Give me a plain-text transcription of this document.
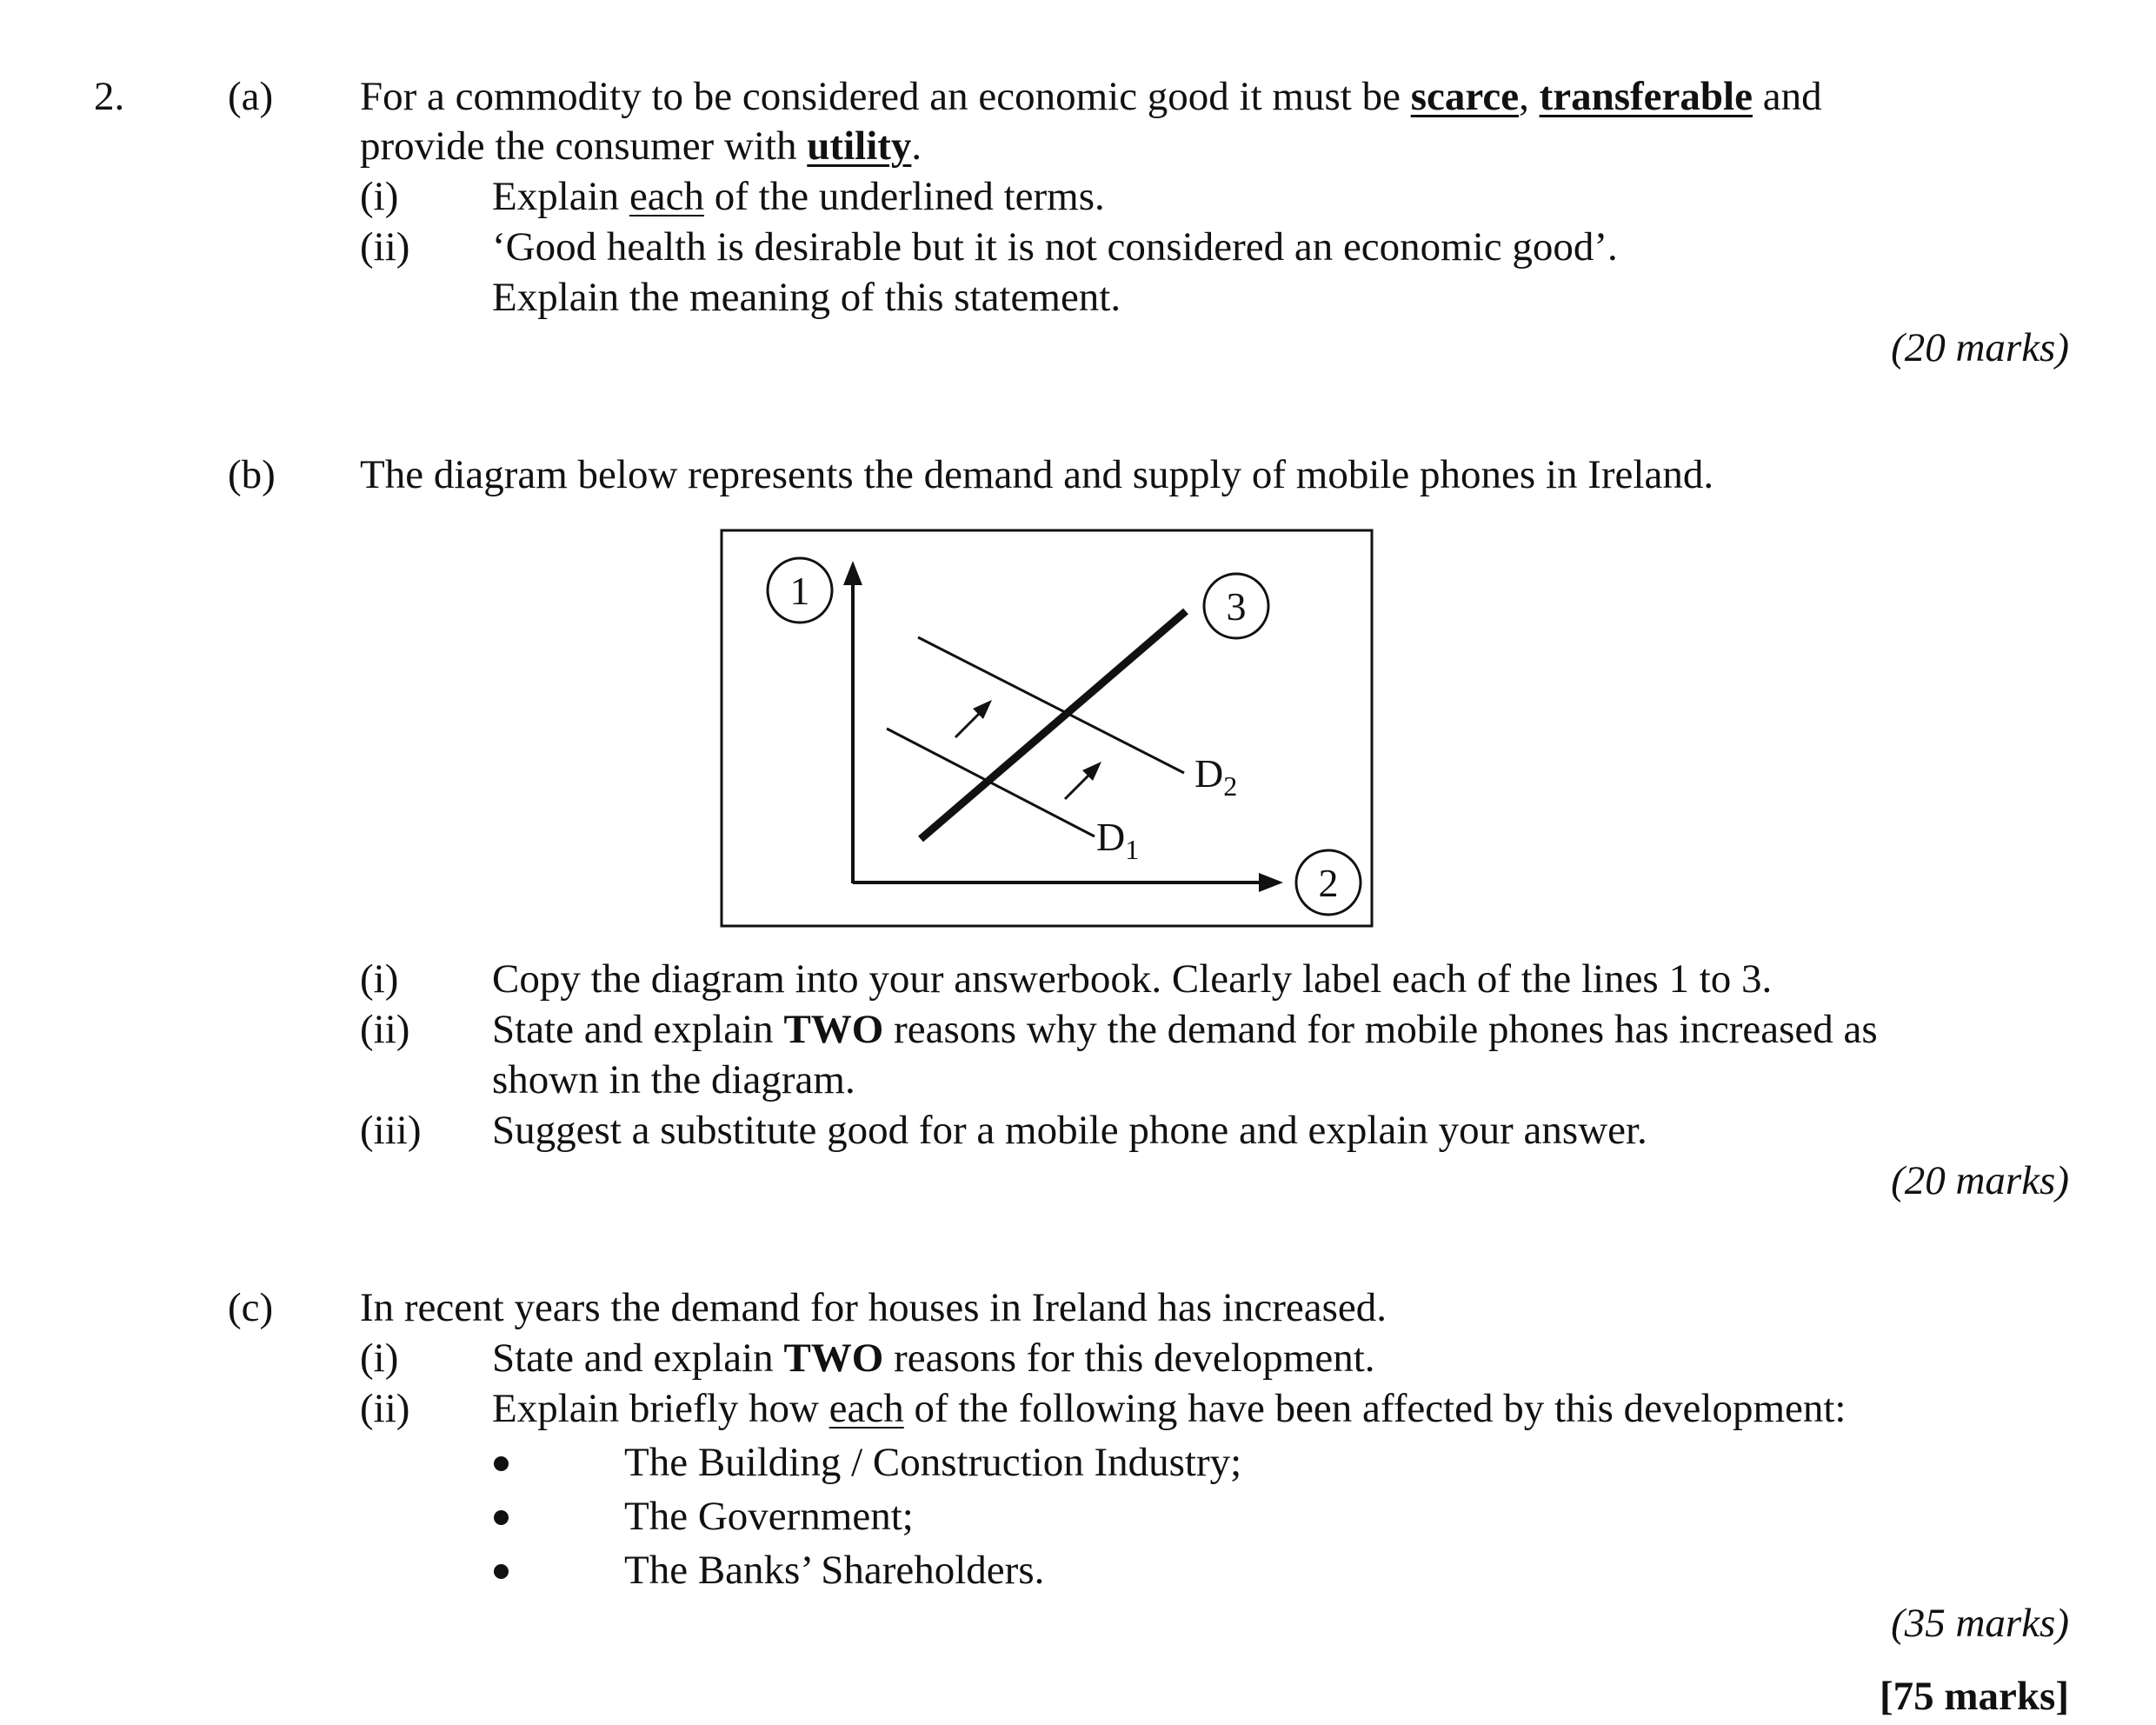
2.	(a) For a commodity to be considered an economic good it must be scarce, transferable and
provide the consumer with utility.
(i) Explain each of the underlined terms.
(ii) ‘Good health is desirable but it is not considered an economic good’.
Explain the meaning of this statement.
(20 marks)
(b) The diagram below represents the demand and supply of mobile phones in Ireland.
1	3
2
$D_2$
$D_1$
(i) Copy the diagram into your answerbook. Clearly label each of the lines 1 to 3.
(ii) State and explain TWO reasons why the demand for mobile phones has increased as
shown in the diagram.
(iii) Suggest a substitute good for a mobile phone and explain your answer.
(20 marks)
(c) In recent years the demand for houses in Ireland has increased.
(i) State and explain TWO reasons for this development.
(ii) Explain briefly how each of the following have been affected by this development:
The Building / Construction Industry;
The Government;
The Banks’ Shareholders.
(35 marks)
[75 marks]
